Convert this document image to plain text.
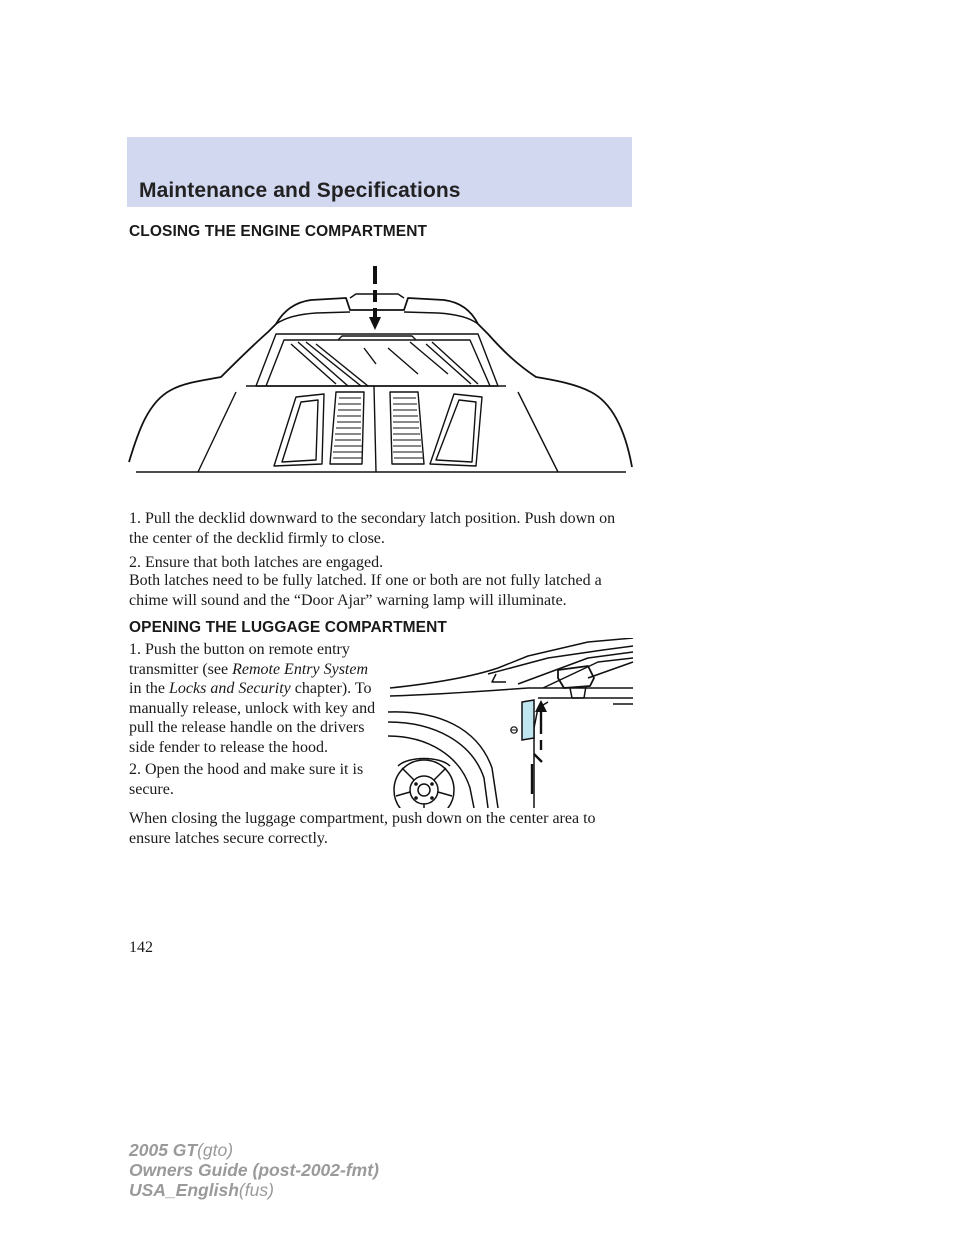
Maintenance and Specifications
CLOSING THE ENGINE COMPARTMENT

1. Pull the decklid downward to the secondary latch position. Push down on the center of the decklid firmly to close.

2. Ensure that both latches are engaged.

Both latches need to be fully latched. If one or both are not fully latched a chime will sound and the “Door Ajar” warning lamp will illuminate.

OPENING THE LUGGAGE COMPARTMENT

1. Push the button on remote entry transmitter (see Remote Entry System in the Locks and Security chapter). To manually release, unlock with key and pull the release handle on the drivers side fender to release the hood.

2. Open the hood and make sure it is secure.

When closing the luggage compartment, push down on the center area to ensure latches secure correctly.

142
2005 GT(gto)
Owners Guide (post-2002-fmt)
USA_English(fus)
